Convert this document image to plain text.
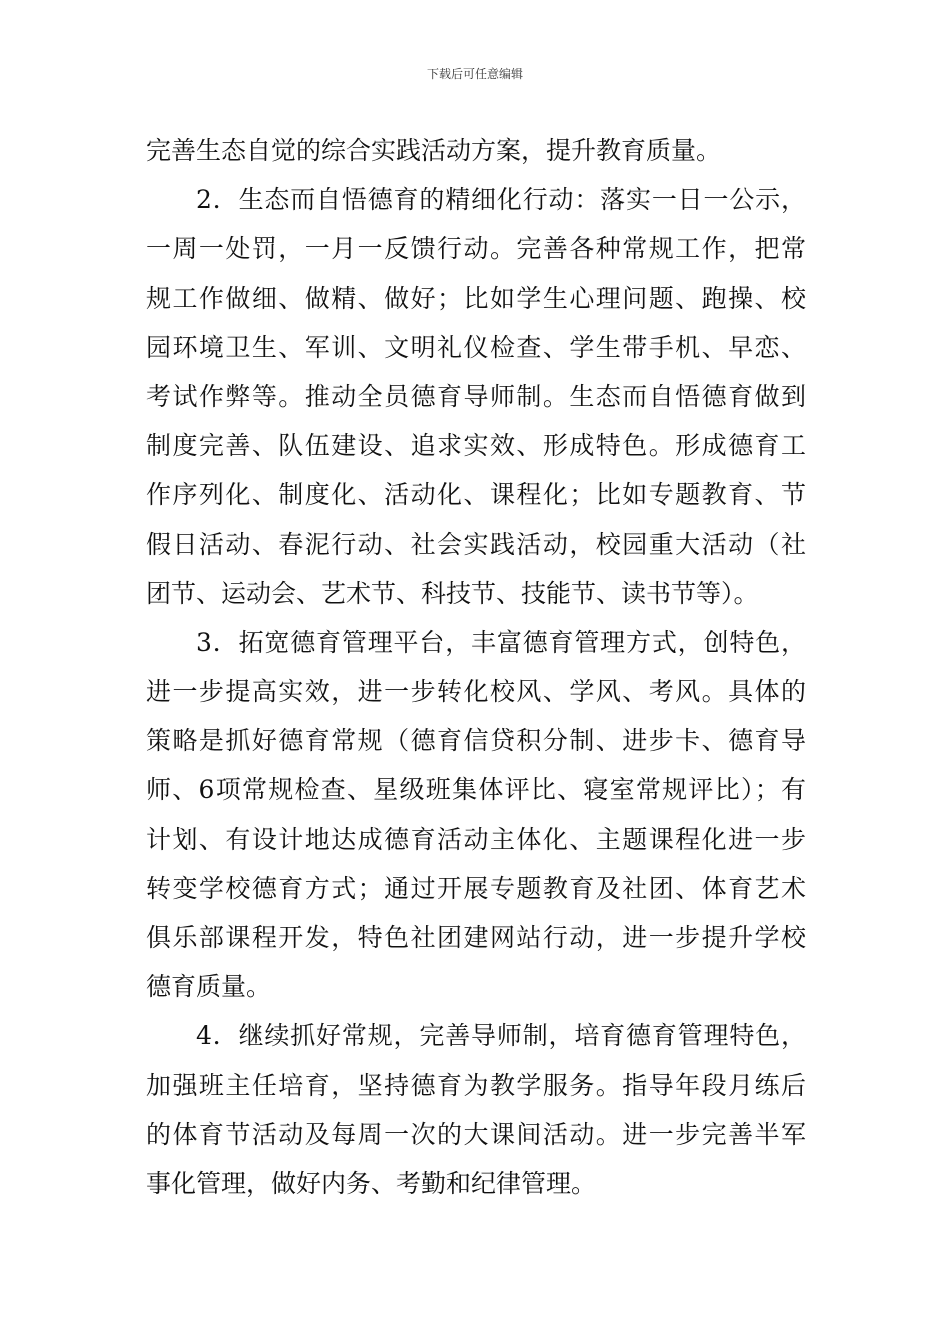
下载后可任意编辑
完善生态自觉的综合实践活动方案，提升教育质量。
2．生态而自悟德育的精细化行动：落实一日一公示，
一周一处罚，一月一反馈行动。完善各种常规工作，把常
规工作做细、做精、做好；比如学生心理问题、跑操、校
园环境卫生、军训、文明礼仪检查、学生带手机、早恋、
考试作弊等。推动全员德育导师制。生态而自悟德育做到
制度完善、队伍建设、追求实效、形成特色。形成德育工
作序列化、制度化、活动化、课程化；比如专题教育、节
假日活动、春泥行动、社会实践活动，校园重大活动（社
团节、运动会、艺术节、科技节、技能节、读书节等）。
3．拓宽德育管理平台，丰富德育管理方式，创特色，
进一步提高实效，进一步转化校风、学风、考风。具体的
策略是抓好德育常规（德育信贷积分制、进步卡、德育导
师、6项常规检查、星级班集体评比、寝室常规评比）；有
计划、有设计地达成德育活动主体化、主题课程化进一步
转变学校德育方式；通过开展专题教育及社团、体育艺术
俱乐部课程开发，特色社团建网站行动，进一步提升学校
德育质量。
4．继续抓好常规，完善导师制，培育德育管理特色，
加强班主任培育，坚持德育为教学服务。指导年段月练后
的体育节活动及每周一次的大课间活动。进一步完善半军
事化管理，做好内务、考勤和纪律管理。
